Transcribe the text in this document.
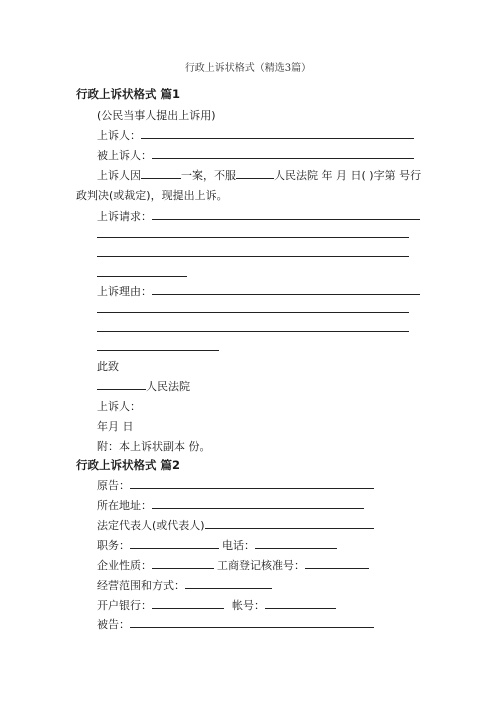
行政上诉状格式（精选3篇）
行政上诉状格式 篇1
(公民当事人提出上诉用)
上诉人：
被上诉人：
上诉人因	一案，不服	人民法院 年 月 日( )字第 号行
政判决(或裁定)，现提出上诉。
上诉请求：
上诉理由：
此致
人民法院
上诉人：
年月 日
附：本上诉状副本 份。
行政上诉状格式 篇2
原告：
所在地址：
法定代表人(或代表人)
职务：	电话：
企业性质：	工商登记核准号：
经营范围和方式：
开户银行：	帐号：
被告：
